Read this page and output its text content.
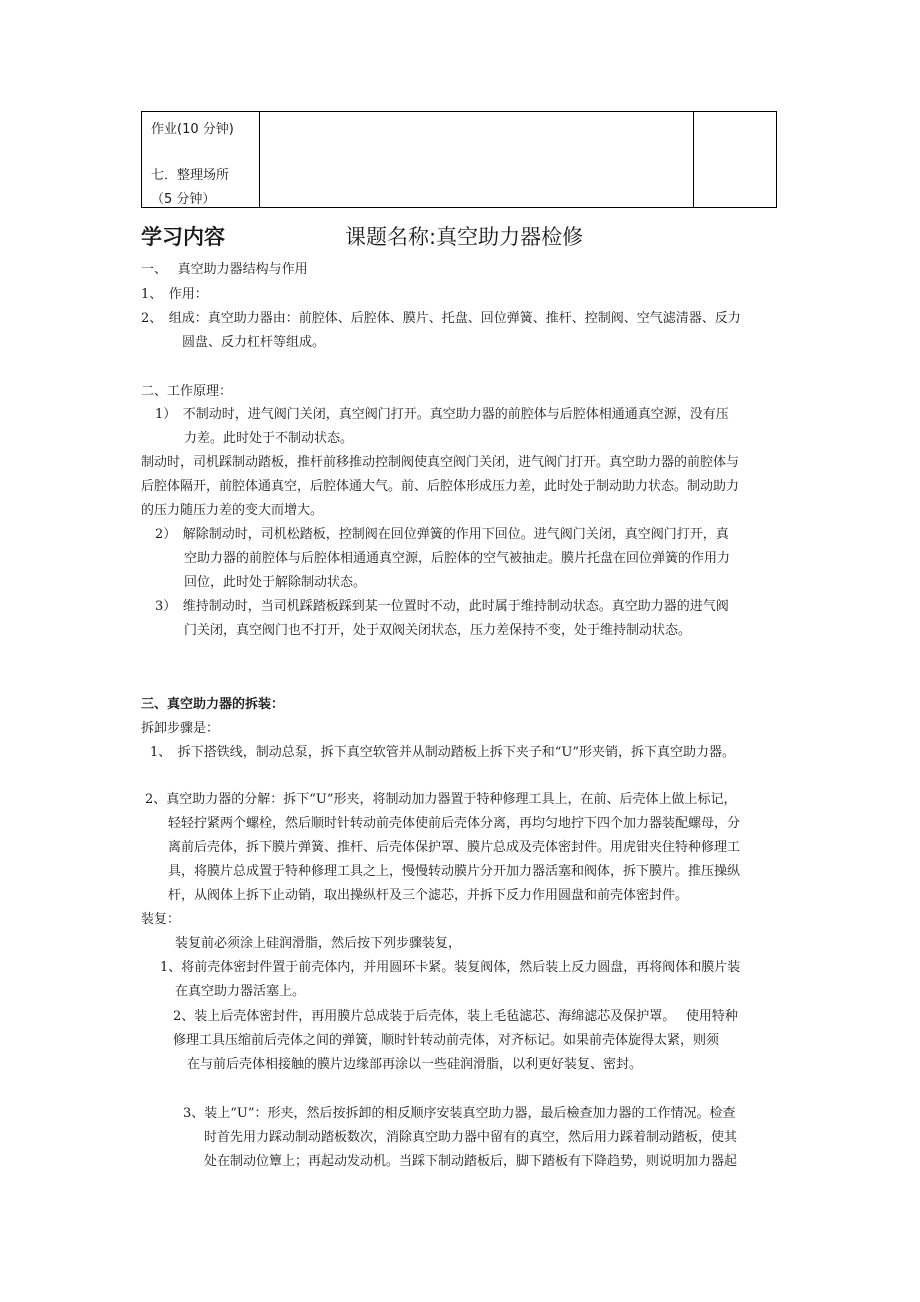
作业(10 分钟)
七．整理场所
（5 分钟）
学习内容	课题名称:真空助力器检修
一、　 真空助力器结构与作用
1、　作用：
2、　组成：真空助力器由：前腔体、后腔体、膜片、托盘、回位弹簧、推杆、控制阀、空气滤清器、反力
圆盘、反力杠杆等组成。
二、工作原理：
1）　不制动时，进气阀门关闭，真空阀门打开。真空助力器的前腔体与后腔体相通通真空源，没有压
力差。此时处于不制动状态。
制动时，司机踩制动踏板，推杆前移推动控制阀使真空阀门关闭，进气阀门打开。真空助力器的前腔体与
后腔体隔开，前腔体通真空，后腔体通大气。前、后腔体形成压力差，此时处于制动助力状态。制动助力
的压力随压力差的变大而增大。
2）　解除制动时，司机松踏板，控制阀在回位弹簧的作用下回位。进气阀门关闭，真空阀门打开，真
空助力器的前腔体与后腔体相通通真空源，后腔体的空气被抽走。膜片托盘在回位弹簧的作用力
回位，此时处于解除制动状态。
3）　维持制动时，当司机踩踏板踩到某一位置时不动，此时属于维持制动状态。真空助力器的进气阀
门关闭，真空阀门也不打开，处于双阀关闭状态，压力差保持不变，处于维持制动状态。
三、真空助力器的拆装：
拆卸步骤是：
1、　拆下搭铁线，制动总泵，拆下真空软管并从制动踏板上拆下夹子和“U”形夹销，拆下真空助力器。
2、真空助力器的分解：拆下“U”形夹，将制动加力器置于特种修理工具上，在前、后壳体上做上标记，
轻轻拧紧两个螺栓，然后顺时针转动前壳体使前后壳体分离，再均匀地拧下四个加力器装配螺母，分
离前后壳体，拆下膜片弹簧、推杆、后壳体保护罩、膜片总成及壳体密封件。用虎钳夹住特种修理工
具，将膜片总成置于特种修理工具之上，慢慢转动膜片分开加力器活塞和阀体，拆下膜片。推压操纵
杆，从阀体上拆下止动销，取出操纵杆及三个滤芯，并拆下反力作用圆盘和前壳体密封件。
装复：
装复前必须涂上硅润滑脂，然后按下列步骤装复，
1、将前壳体密封件置于前壳体内，并用圆环卡紧。装复阀体，然后装上反力圆盘，再将阀体和膜片装
在真空助力器活塞上。
2、装上后壳体密封件，再用膜片总成装于后壳体，装上毛毡滤芯、海绵滤芯及保护罩。　 使用特种
修理工具压缩前后壳体之间的弹簧，顺时针转动前壳体，对齐标记。如果前壳体旋得太紧，则须
在与前后壳体相接触的膜片边缘部再涂以一些硅润滑脂，以利更好装复、密封。
3、装上“U”：形夹，然后按拆卸的相反顺序安装真空助力器，最后檢查加力器的工作情况。检查
时首先用力踩动制动踏板数次，消除真空助力器中留有的真空，然后用力踩着制动踏板，使其
处在制动位簟上；再起动发动机。当踩下制动踏板后，脚下踏板有下降趋势，则说明加力器起
